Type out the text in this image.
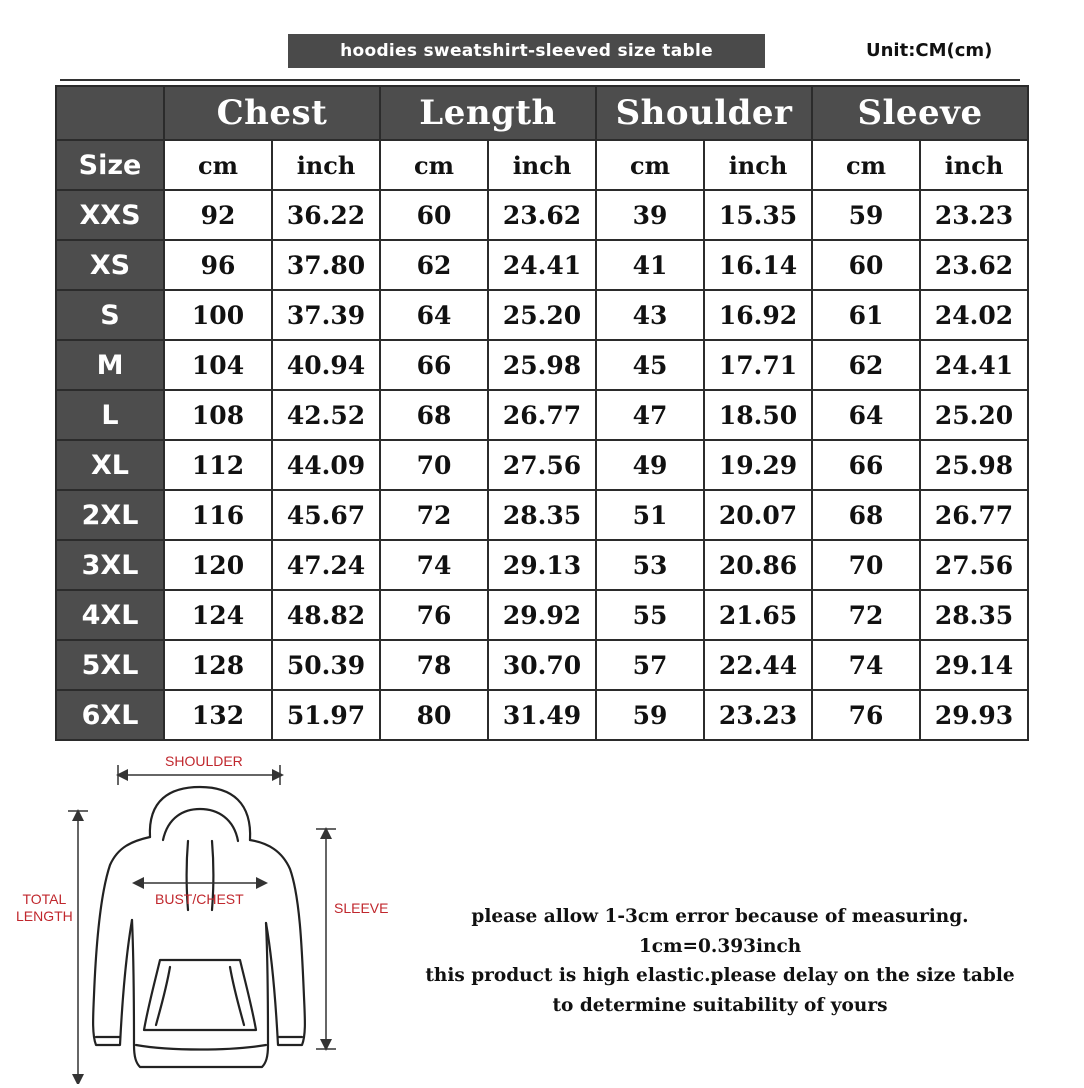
hoodies sweatshirt-sleeved size table	Unit:CM(cm)
	Chest		Length		Shoulder		Sleeve	
Size	cm	inch	cm	inch	cm	inch	cm	inch
XXS	92	36.22	60	23.62	39	15.35	59	23.23
XS	96	37.80	62	24.41	41	16.14	60	23.62
S	100	37.39	64	25.20	43	16.92	61	24.02
M	104	40.94	66	25.98	45	17.71	62	24.41
L	108	42.52	68	26.77	47	18.50	64	25.20
XL	112	44.09	70	27.56	49	19.29	66	25.98
2XL	116	45.67	72	28.35	51	20.07	68	26.77
3XL	120	47.24	74	29.13	53	20.86	70	27.56
4XL	124	48.82	76	29.92	55	21.65	72	28.35
5XL	128	50.39	78	30.70	57	22.44	74	29.14
6XL	132	51.97	80	31.49	59	23.23	76	29.93
SHOULDER
BUST/CHEST
TOTAL
LENGTH	SLEEVE	please allow 1-3cm error because of measuring.
1cm=0.393inch
this product is high elastic.please delay on the size table
to determine suitability of yours
